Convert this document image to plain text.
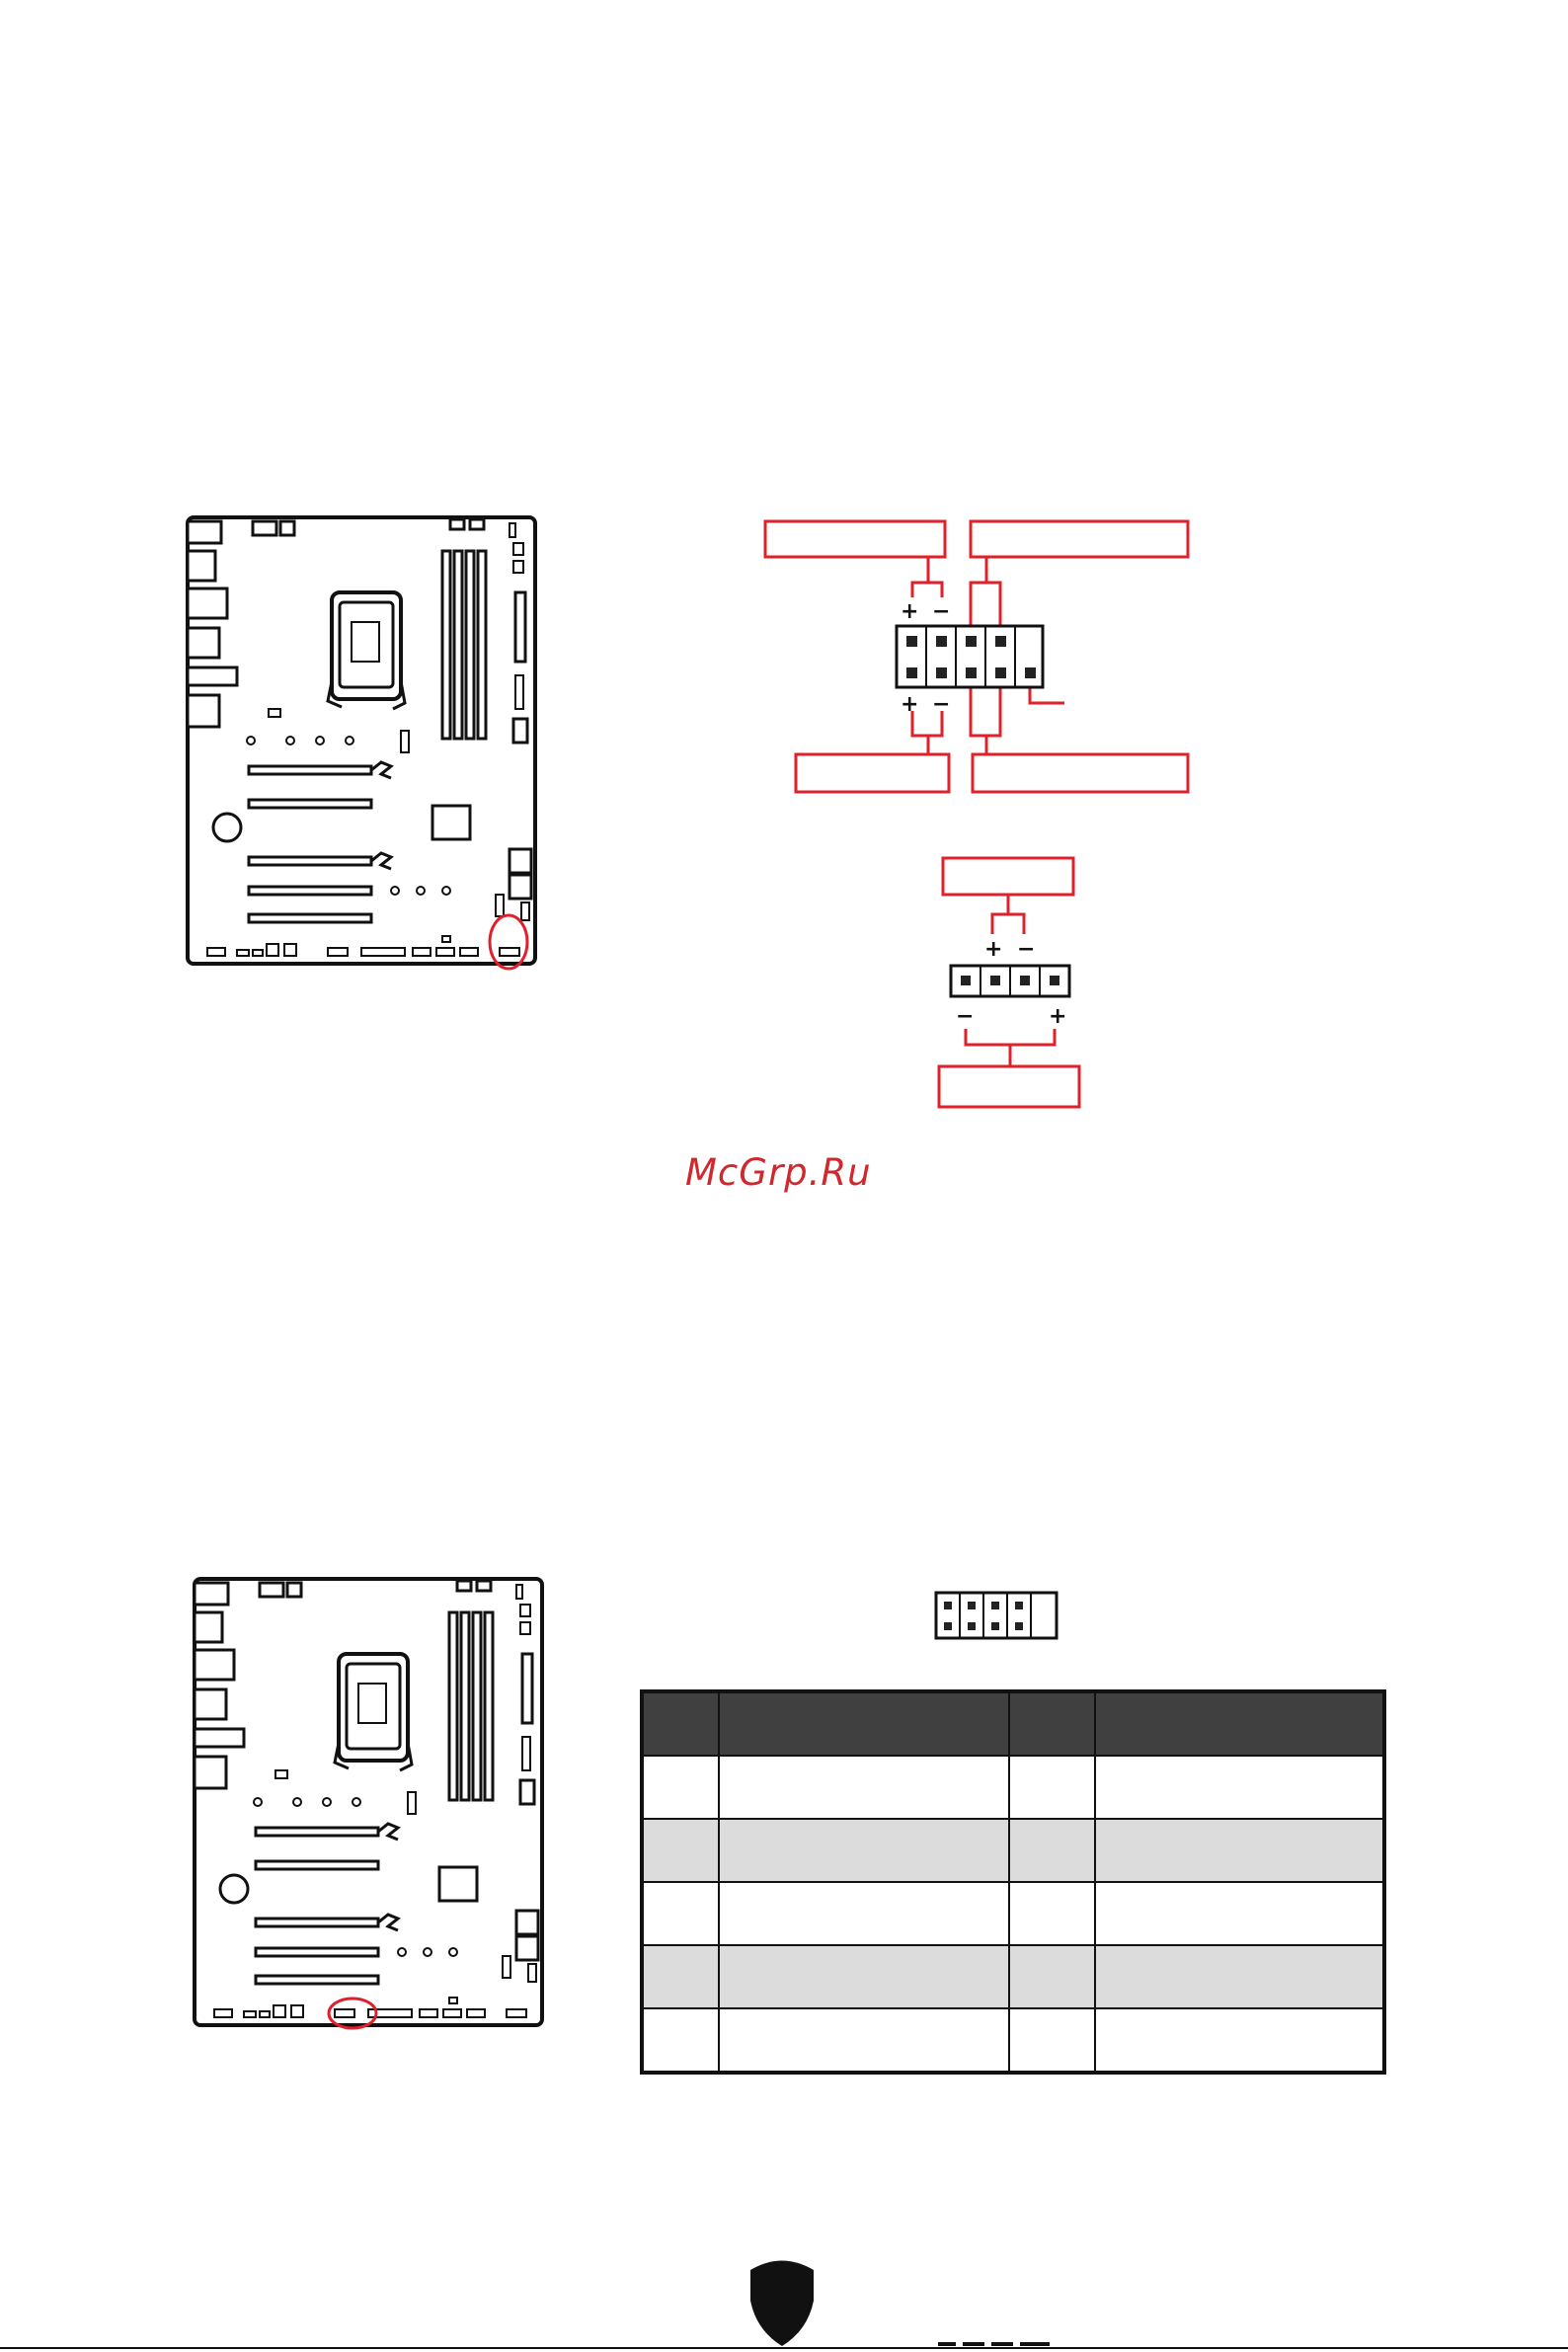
+ −
+ −
+ −
−	+
McGrp.Ru
